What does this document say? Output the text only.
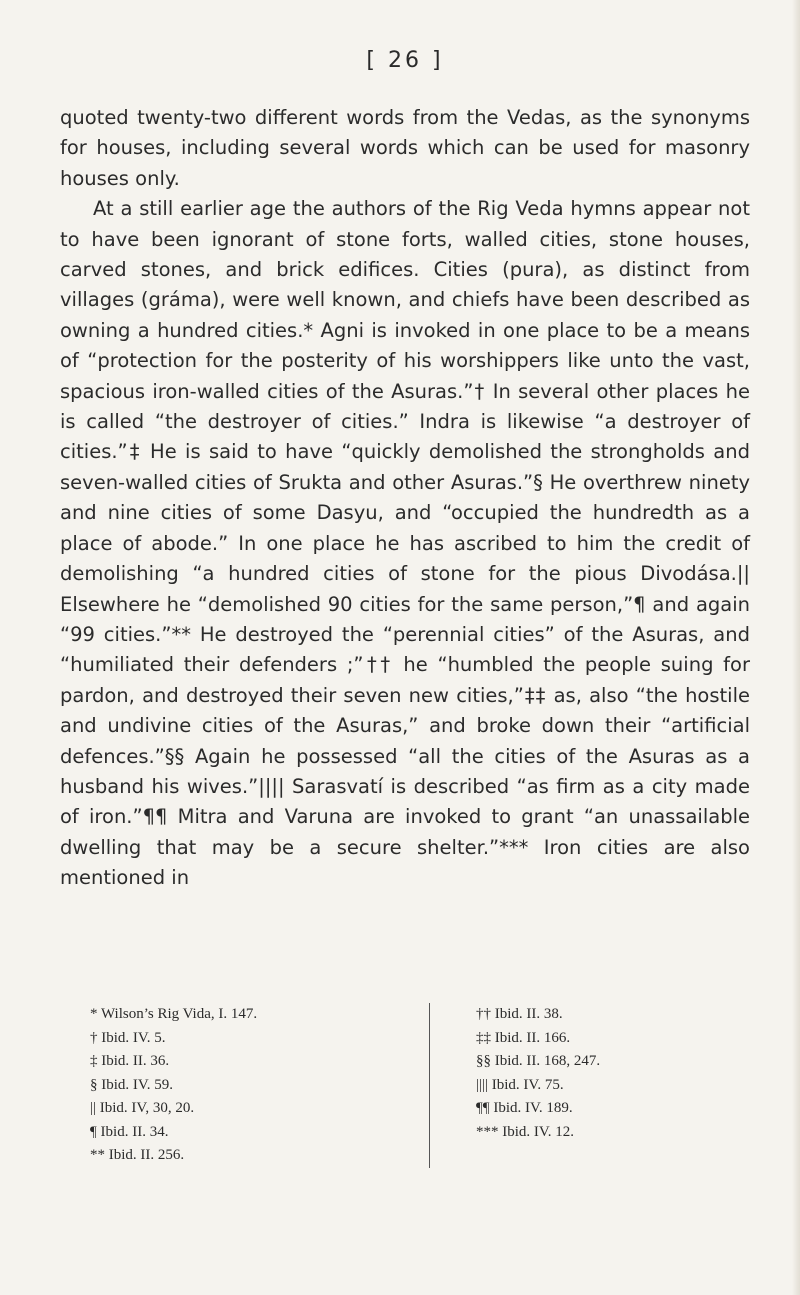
[ 26 ]

quoted twenty-two different words from the Vedas, as the synonyms for houses, including several words which can be used for masonry houses only.

At a still earlier age the authors of the Rig Veda hymns appear not to have been ignorant of stone forts, walled cities, stone houses, carved stones, and brick edifices. Cities (pura), as distinct from villages (gráma), were well known, and chiefs have been described as owning a hundred cities.* Agni is invoked in one place to be a means of “protection for the posterity of his worshippers like unto the vast, spacious iron-walled cities of the Asuras.”† In several other places he is called “the destroyer of cities.” Indra is likewise “a destroyer of cities.”‡ He is said to have “quickly demolished the strongholds and seven-walled cities of Srukta and other Asuras.”§ He overthrew ninety and nine cities of some Dasyu, and “occupied the hundredth as a place of abode.” In one place he has ascribed to him the credit of demolishing “a hundred cities of stone for the pious Divodása.|| Elsewhere he “demolished 90 cities for the same person,”¶ and again “99 cities.”** He destroyed the “perennial cities” of the Asuras, and “humiliated their defenders ;”†† he “humbled the people suing for pardon, and destroyed their seven new cities,”‡‡ as, also “the hostile and undivine cities of the Asuras,” and broke down their “artificial defences.”§§ Again he possessed “all the cities of the Asuras as a husband his wives.”|||| Sarasvatí is described “as firm as a city made of iron.”¶¶ Mitra and Varuna are invoked to grant “an unassailable dwelling that may be a secure shelter.”*** Iron cities are also mentioned in

* Wilson’s Rig Vida, I. 147.
† Ibid. IV. 5.
‡ Ibid. II. 36.
§ Ibid. IV. 59.
|| Ibid. IV, 30, 20.
¶ Ibid. II. 34.
** Ibid. II. 256.
†† Ibid. II. 38.
‡‡ Ibid. II. 166.
§§ Ibid. II. 168, 247.
|||| Ibid. IV. 75.
¶¶ Ibid. IV. 189.
*** Ibid. IV. 12.
